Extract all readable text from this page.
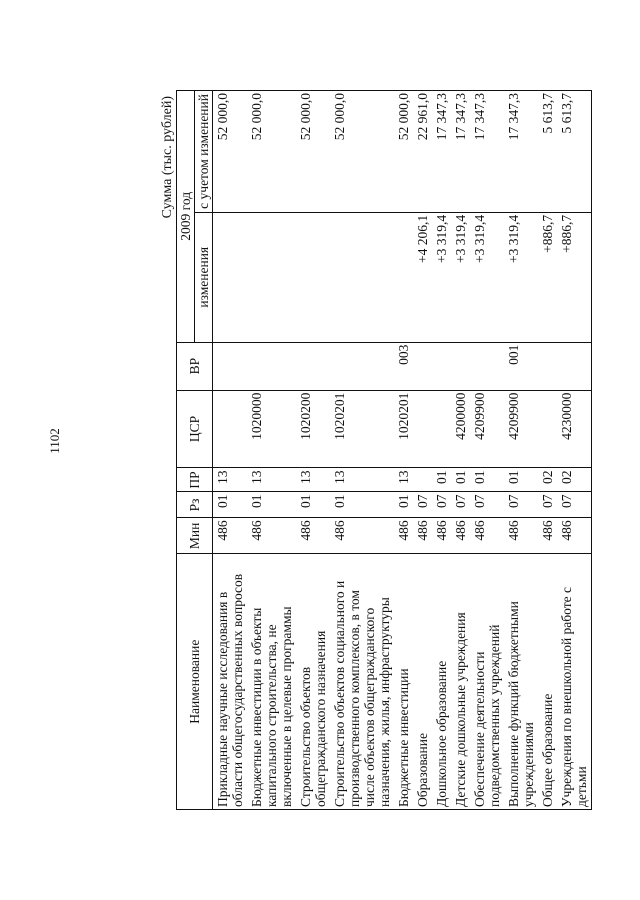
1102
Сумма (тыс. рублей)
Наименование	Мин	Рз	ПР	ЦСР	ВР	2009 год	
						изменения	с учетом изменений
Прикладные научные исследования в области общегосударственных вопросов	486	01	13				52 000,0
Бюджетные инвестиции в объекты капитального строительства, не включенные в целевые программы	486	01	13	1020000			52 000,0
Строительство объектов общегражданского назначения	486	01	13	1020200			52 000,0
Строительство объектов социального и производственного комплексов, в том числе объектов общегражданского назначения, жилья, инфраструктуры	486	01	13	1020201			52 000,0
Бюджетные инвестиции	486	01	13	1020201	003		52 000,0
Образование	486	07				+4 206,1	22 961,0
Дошкольное образование	486	07	01			+3 319,4	17 347,3
Детские дошкольные учреждения	486	07	01	4200000		+3 319,4	17 347,3
Обеспечение деятельности подведомственных учреждений	486	07	01	4209900		+3 319,4	17 347,3
Выполнение функций бюджетными учреждениями	486	07	01	4209900	001	+3 319,4	17 347,3
Общее образование	486	07	02			+886,7	5 613,7
Учреждения по внешкольной работе с детьми	486	07	02	4230000		+886,7	5 613,7
